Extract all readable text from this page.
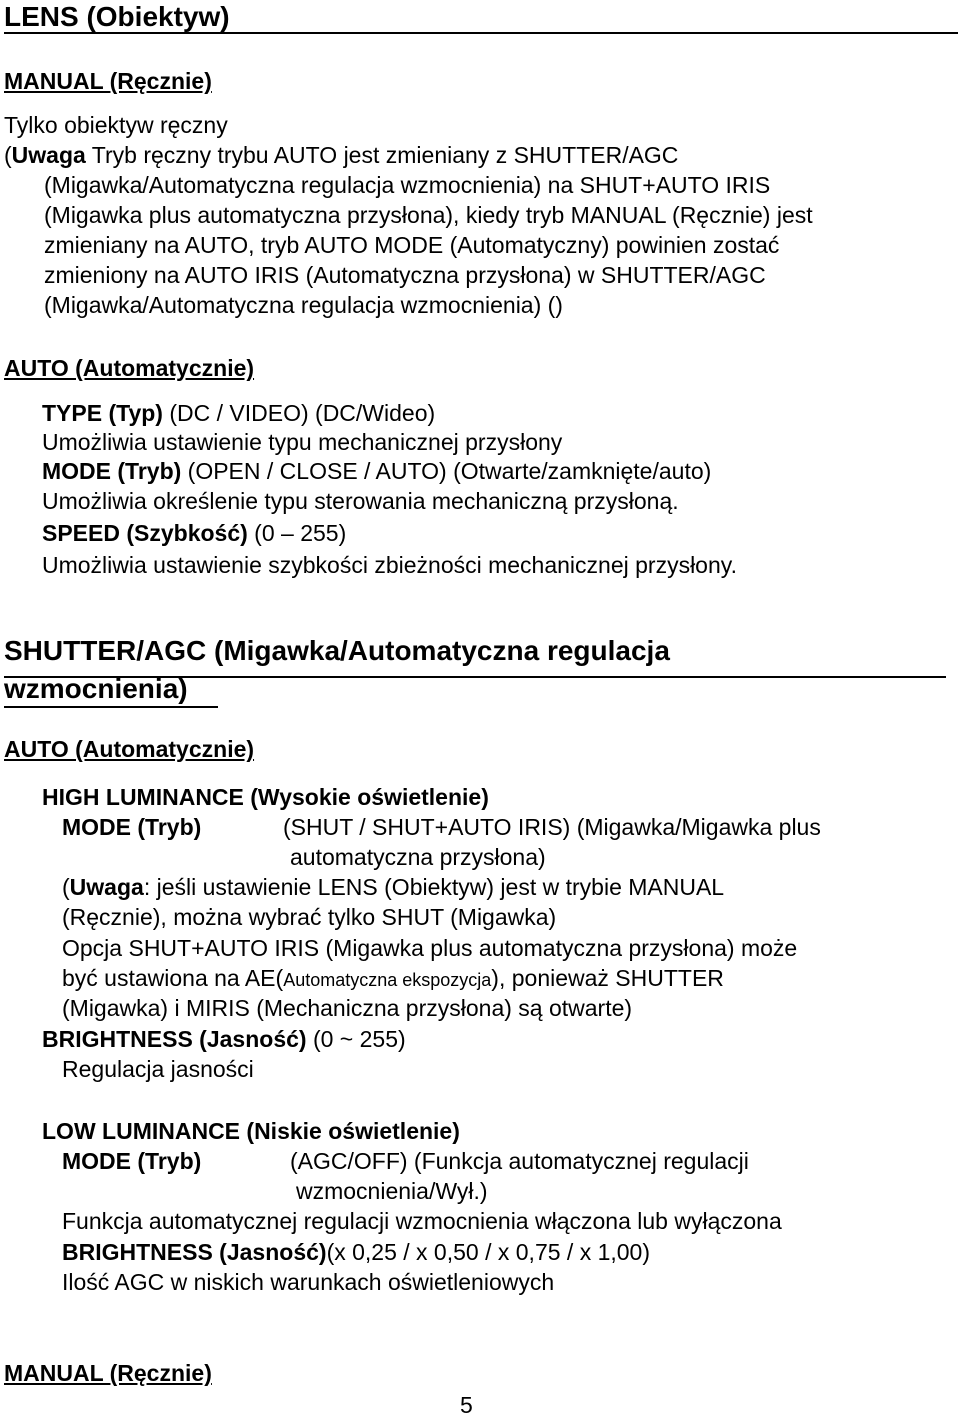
LENS (Obiektyw)
MANUAL (Ręcznie)
Tylko obiektyw ręczny
(Uwaga Tryb ręczny trybu AUTO jest zmieniany z SHUTTER/AGC
(Migawka/Automatyczna regulacja wzmocnienia) na SHUT+AUTO IRIS
(Migawka plus automatyczna przysłona), kiedy tryb MANUAL (Ręcznie) jest
zmieniany na AUTO, tryb AUTO MODE (Automatyczny) powinien zostać
zmieniony na AUTO IRIS (Automatyczna przysłona) w SHUTTER/AGC
(Migawka/Automatyczna regulacja wzmocnienia) ()
AUTO (Automatycznie)
TYPE (Typ) (DC / VIDEO) (DC/Wideo)
Umożliwia ustawienie typu mechanicznej przysłony
MODE (Tryb) (OPEN / CLOSE / AUTO) (Otwarte/zamknięte/auto)
Umożliwia określenie typu sterowania mechaniczną przysłoną.
SPEED (Szybkość) (0 – 255)
Umożliwia ustawienie szybkości zbieżności mechanicznej przysłony.
SHUTTER/AGC (Migawka/Automatyczna regulacja
wzmocnienia)
AUTO (Automatycznie)
HIGH LUMINANCE (Wysokie oświetlenie)
MODE (Tryb)	(SHUT / SHUT+AUTO IRIS) (Migawka/Migawka plus
automatyczna przysłona)
(Uwaga: jeśli ustawienie LENS (Obiektyw) jest w trybie MANUAL
(Ręcznie), można wybrać tylko SHUT (Migawka)
Opcja SHUT+AUTO IRIS (Migawka plus automatyczna przysłona) może
być ustawiona na AE(Automatyczna ekspozycja), ponieważ SHUTTER
(Migawka) i MIRIS (Mechaniczna przysłona) są otwarte)
BRIGHTNESS (Jasność) (0 ~ 255)
Regulacja jasności
LOW LUMINANCE (Niskie oświetlenie)
MODE (Tryb)	(AGC/OFF) (Funkcja automatycznej regulacji
wzmocnienia/Wył.)
Funkcja automatycznej regulacji wzmocnienia włączona lub wyłączona
BRIGHTNESS (Jasność)(x 0,25 / x 0,50 / x 0,75 / x 1,00)
Ilość AGC w niskich warunkach oświetleniowych
MANUAL (Ręcznie)
5
